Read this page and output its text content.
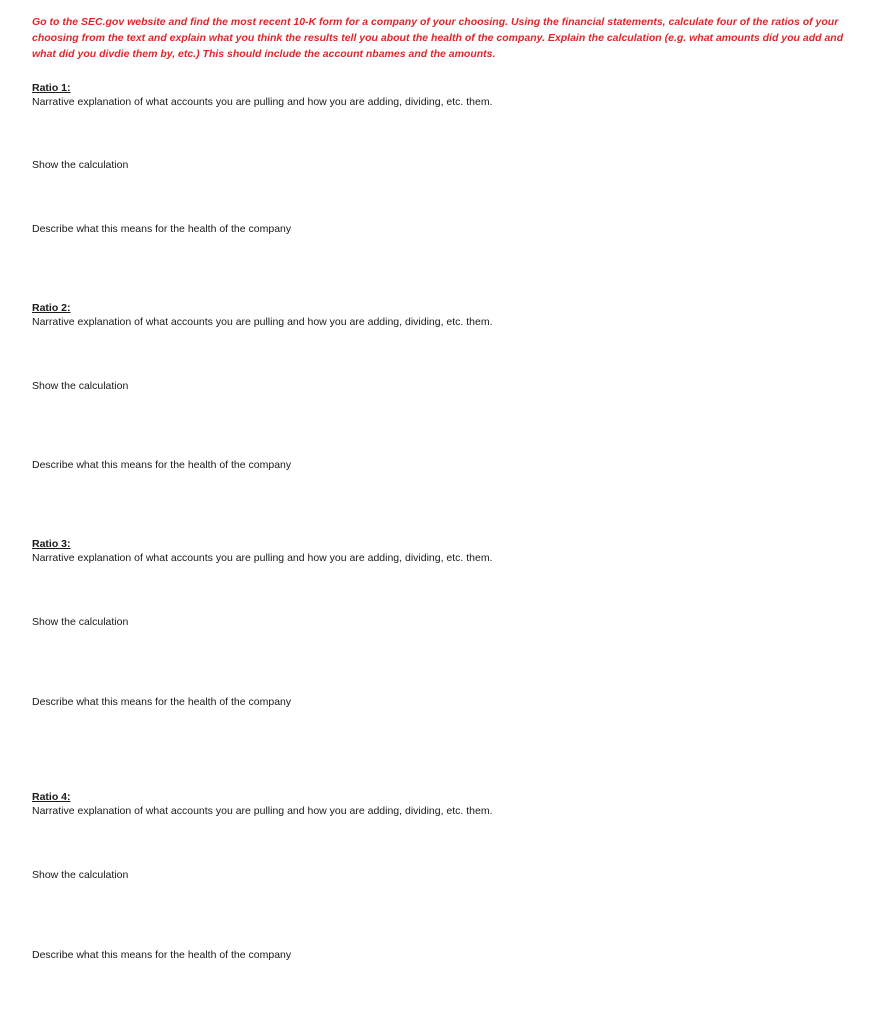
Go to the SEC.gov website and find the most recent 10-K form for a company of your choosing. Using the financial statements, calculate four of the ratios of your choosing from the text and explain what you think the results tell you about the health of the company. Explain the calculation (e.g. what amounts did you add and what did you divdie them by, etc.) This should include the account nbames and the amounts.

Ratio 1:
Narrative explanation of what accounts you are pulling and how you are adding, dividing, etc. them.
Show the calculation
Describe what this means for the health of the company
Ratio 2:
Narrative explanation of what accounts you are pulling and how you are adding, dividing, etc. them.
Show the calculation
Describe what this means for the health of the company
Ratio 3:
Narrative explanation of what accounts you are pulling and how you are adding, dividing, etc. them.
Show the calculation
Describe what this means for the health of the company
Ratio 4:
Narrative explanation of what accounts you are pulling and how you are adding, dividing, etc. them.
Show the calculation
Describe what this means for the health of the company
